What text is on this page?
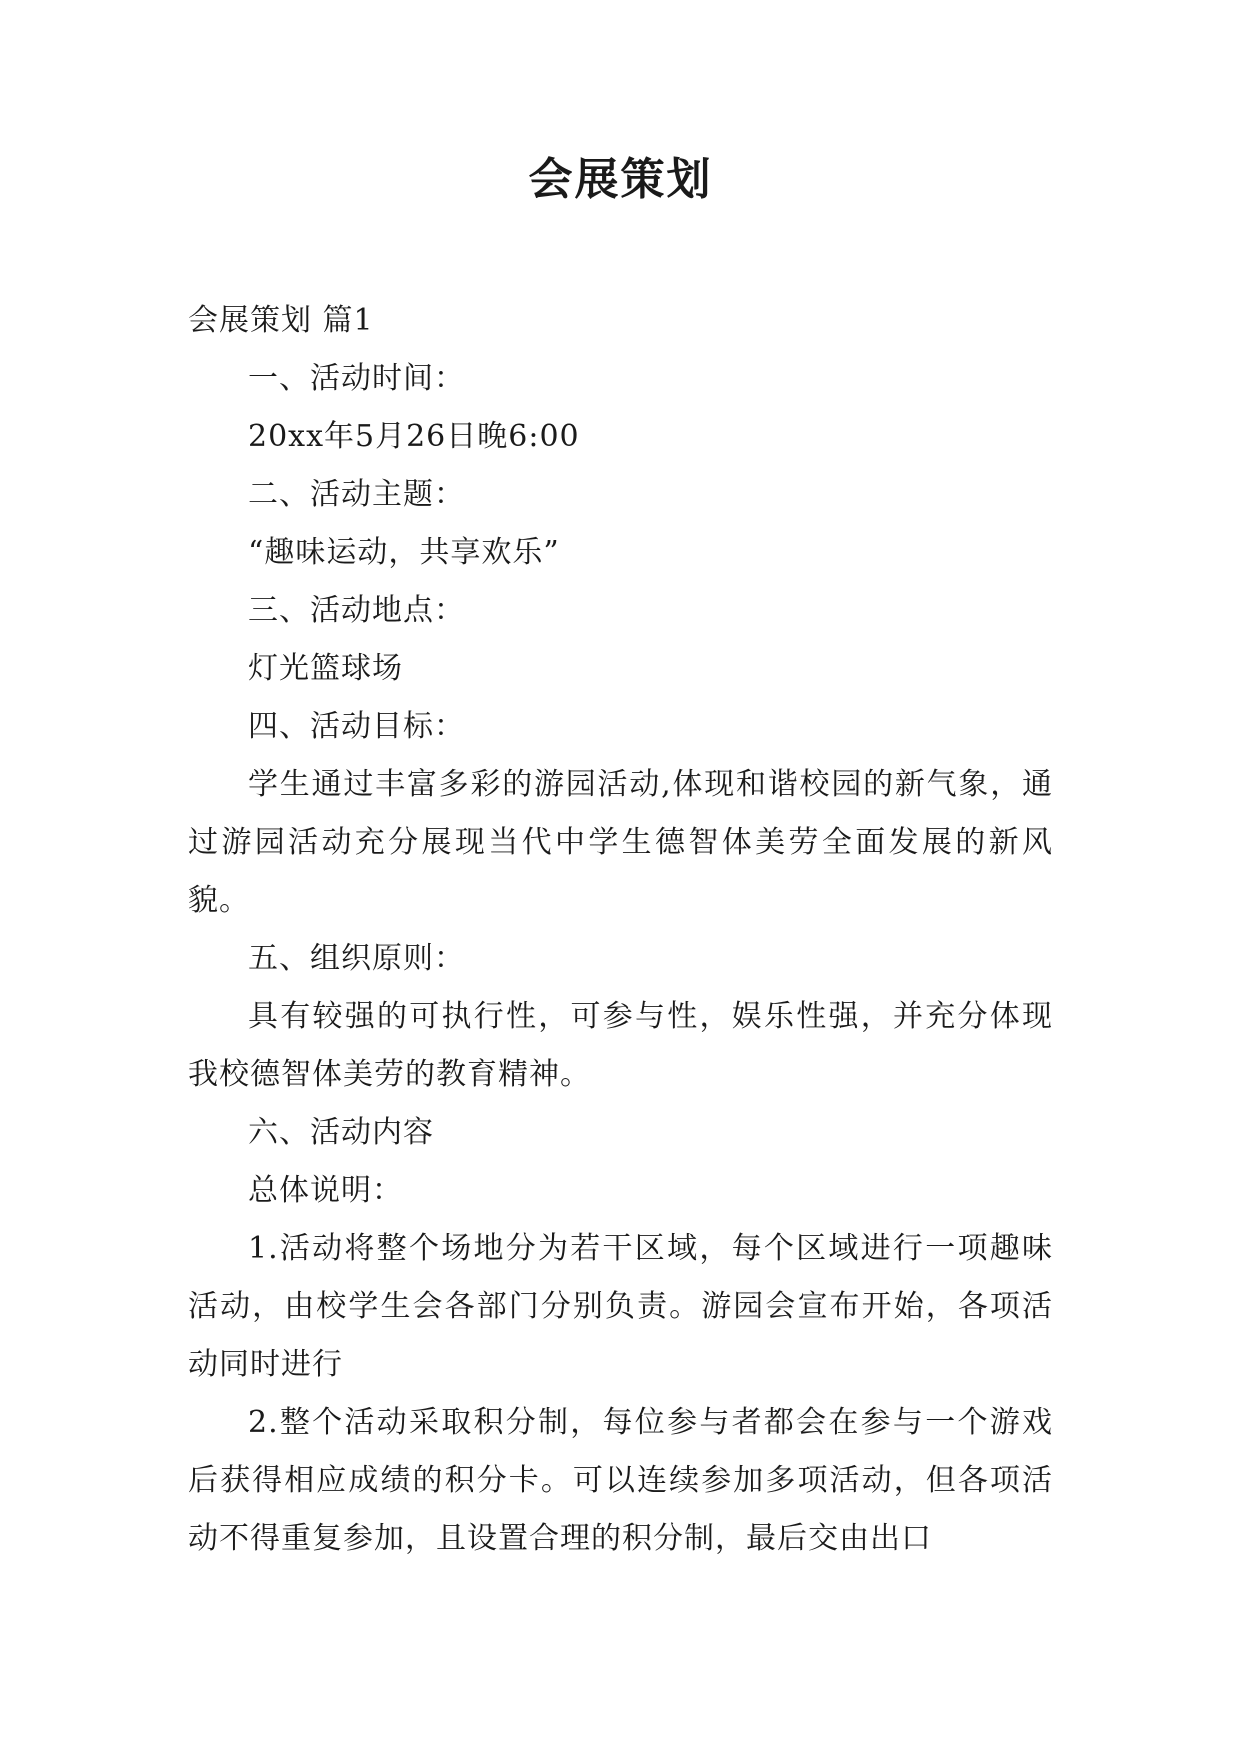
会展策划

会展策划 篇1

一、活动时间：

20xx年5月26日晚6:00

二、活动主题：

“趣味运动，共享欢乐”

三、活动地点：

灯光篮球场

四、活动目标：

学生通过丰富多彩的游园活动,体现和谐校园的新气象，通过游园活动充分展现当代中学生德智体美劳全面发展的新风貌。

五、组织原则：

具有较强的可执行性，可参与性，娱乐性强，并充分体现我校德智体美劳的教育精神。

六、活动内容

总体说明：

1.活动将整个场地分为若干区域，每个区域进行一项趣味活动，由校学生会各部门分别负责。游园会宣布开始，各项活动同时进行

2.整个活动采取积分制，每位参与者都会在参与一个游戏后获得相应成绩的积分卡。可以连续参加多项活动，但各项活动不得重复参加，且设置合理的积分制，最后交由出口
